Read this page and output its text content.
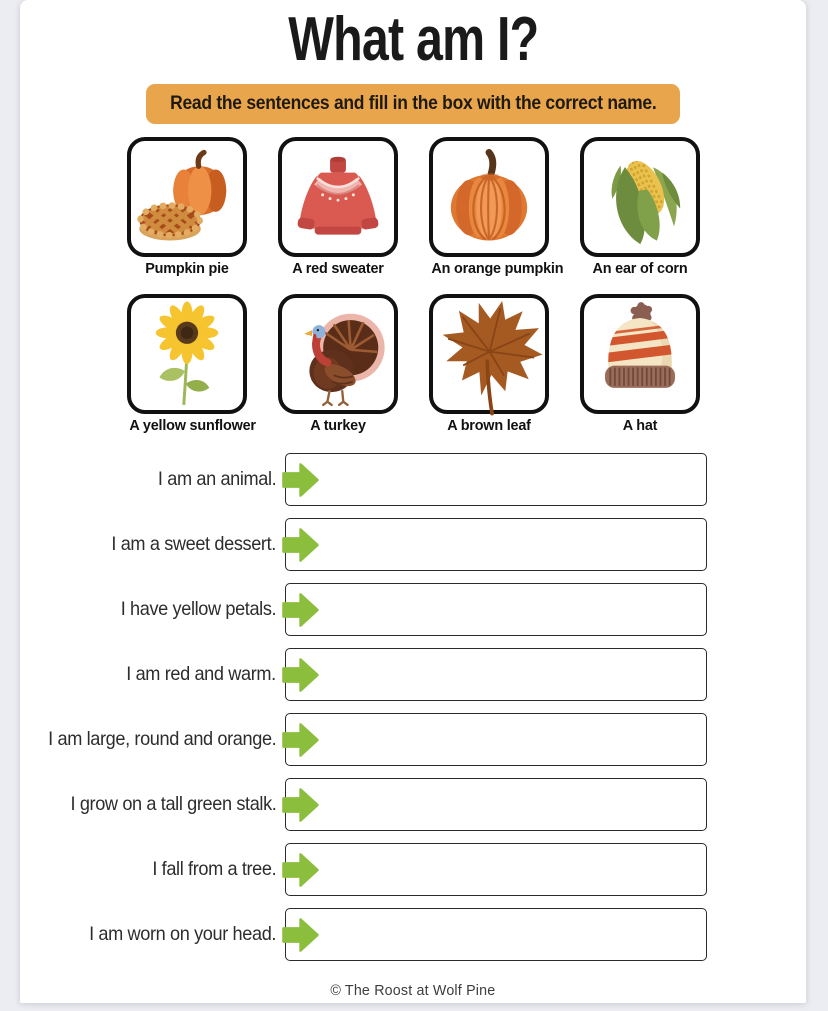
What am I?
Read the sentences and fill in the box with the correct name.
Pumpkin pie	A red sweater	An orange pumpkin	An ear of corn
A yellow sunflower	A turkey	A brown leaf	A hat
I am an animal.
I am a sweet dessert.
I have yellow petals.
I am red and warm.
I am large, round and orange.
I grow on a tall green stalk.
I fall from a tree.
I am worn on your head.
© The Roost at Wolf Pine
